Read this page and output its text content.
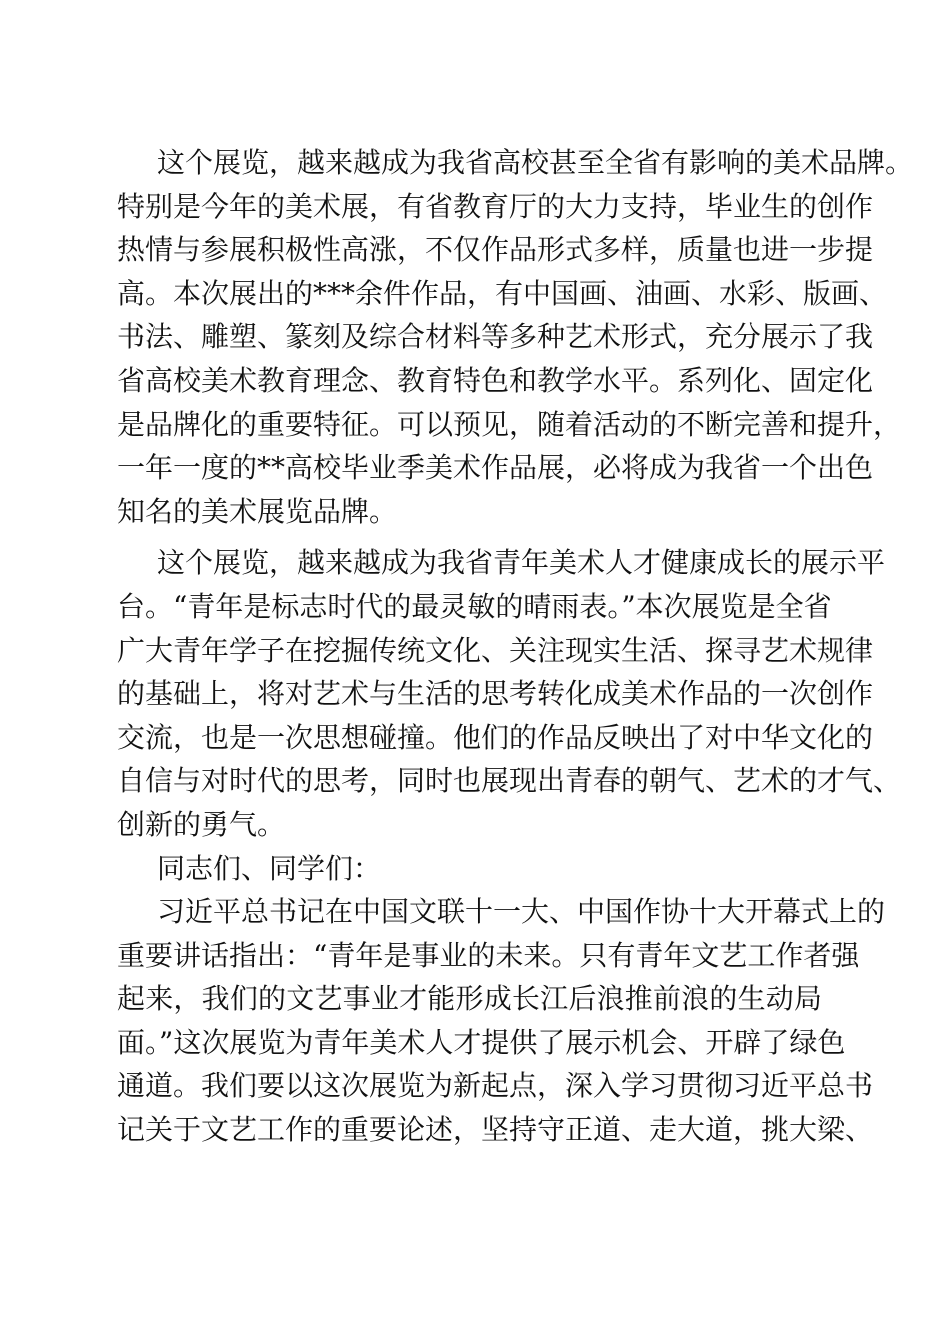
这个展览，越来越成为我省高校甚至全省有影响的美术品牌。
特别是今年的美术展，有省教育厅的大力支持，毕业生的创作
热情与参展积极性高涨，不仅作品形式多样，质量也进一步提
高。本次展出的***余件作品，有中国画、油画、水彩、版画、
书法、雕塑、篆刻及综合材料等多种艺术形式，充分展示了我
省高校美术教育理念、教育特色和教学水平。系列化、固定化
是品牌化的重要特征。可以预见，随着活动的不断完善和提升，
一年一度的**高校毕业季美术作品展，必将成为我省一个出色
知名的美术展览品牌。
这个展览，越来越成为我省青年美术人才健康成长的展示平
台。“青年是标志时代的最灵敏的晴雨表。”本次展览是全省
广大青年学子在挖掘传统文化、关注现实生活、探寻艺术规律
的基础上，将对艺术与生活的思考转化成美术作品的一次创作
交流，也是一次思想碰撞。他们的作品反映出了对中华文化的
自信与对时代的思考，同时也展现出青春的朝气、艺术的才气、
创新的勇气。
同志们、同学们：
习近平总书记在中国文联十一大、中国作协十大开幕式上的
重要讲话指出：“青年是事业的未来。只有青年文艺工作者强
起来，我们的文艺事业才能形成长江后浪推前浪的生动局
面。”这次展览为青年美术人才提供了展示机会、开辟了绿色
通道。我们要以这次展览为新起点，深入学习贯彻习近平总书
记关于文艺工作的重要论述，坚持守正道、走大道，挑大梁、
